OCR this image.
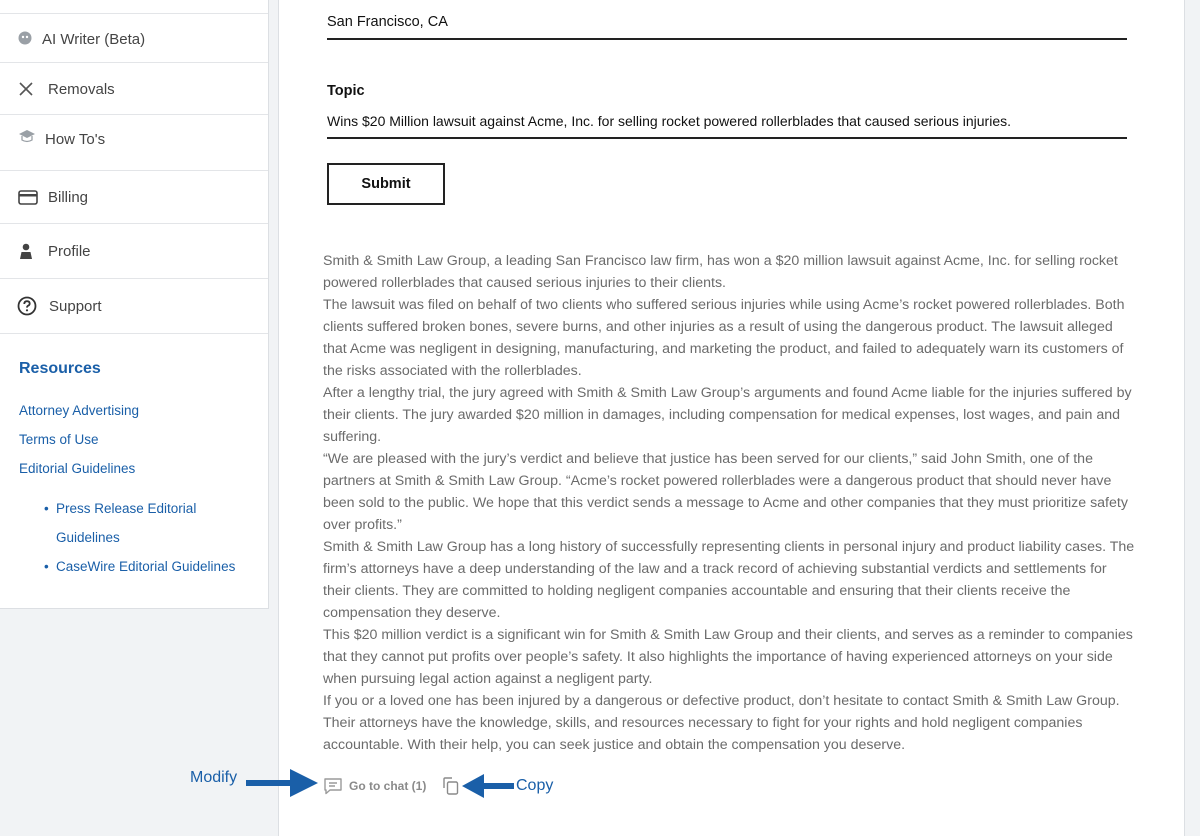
AI Writer (Beta)
Removals
How To's
Billing
Profile
Support
Resources
Attorney Advertising
Terms of Use
Editorial Guidelines
• Press Release Editorial
Guidelines
• CaseWire Editorial Guidelines
San Francisco, CA
Topic
Wins $20 Million lawsuit against Acme, Inc. for selling rocket powered rollerblades that caused serious injuries.
Submit

Smith & Smith Law Group, a leading San Francisco law firm, has won a $20 million lawsuit against Acme, Inc. for selling rocket powered rollerblades that caused serious injuries to their clients.

The lawsuit was filed on behalf of two clients who suffered serious injuries while using Acme’s rocket powered rollerblades. Both clients suffered broken bones, severe burns, and other injuries as a result of using the dangerous product. The lawsuit alleged that Acme was negligent in designing, manufacturing, and marketing the product, and failed to adequately warn its customers of the risks associated with the rollerblades.

After a lengthy trial, the jury agreed with Smith & Smith Law Group’s arguments and found Acme liable for the injuries suffered by their clients. The jury awarded $20 million in damages, including compensation for medical expenses, lost wages, and pain and suffering.

“We are pleased with the jury’s verdict and believe that justice has been served for our clients,” said John Smith, one of the partners at Smith & Smith Law Group. “Acme’s rocket powered rollerblades were a dangerous product that should never have been sold to the public. We hope that this verdict sends a message to Acme and other companies that they must prioritize safety over profits.”

Smith & Smith Law Group has a long history of successfully representing clients in personal injury and product liability cases. The firm’s attorneys have a deep understanding of the law and a track record of achieving substantial verdicts and settlements for their clients. They are committed to holding negligent companies accountable and ensuring that their clients receive the compensation they deserve.

This $20 million verdict is a significant win for Smith & Smith Law Group and their clients, and serves as a reminder to companies that they cannot put profits over people’s safety. It also highlights the importance of having experienced attorneys on your side when pursuing legal action against a negligent party.

If you or a loved one has been injured by a dangerous or defective product, don’t hesitate to contact Smith & Smith Law Group. Their attorneys have the knowledge, skills, and resources necessary to fight for your rights and hold negligent companies accountable. With their help, you can seek justice and obtain the compensation you deserve.

Go to chat (1)
Modify	Copy
